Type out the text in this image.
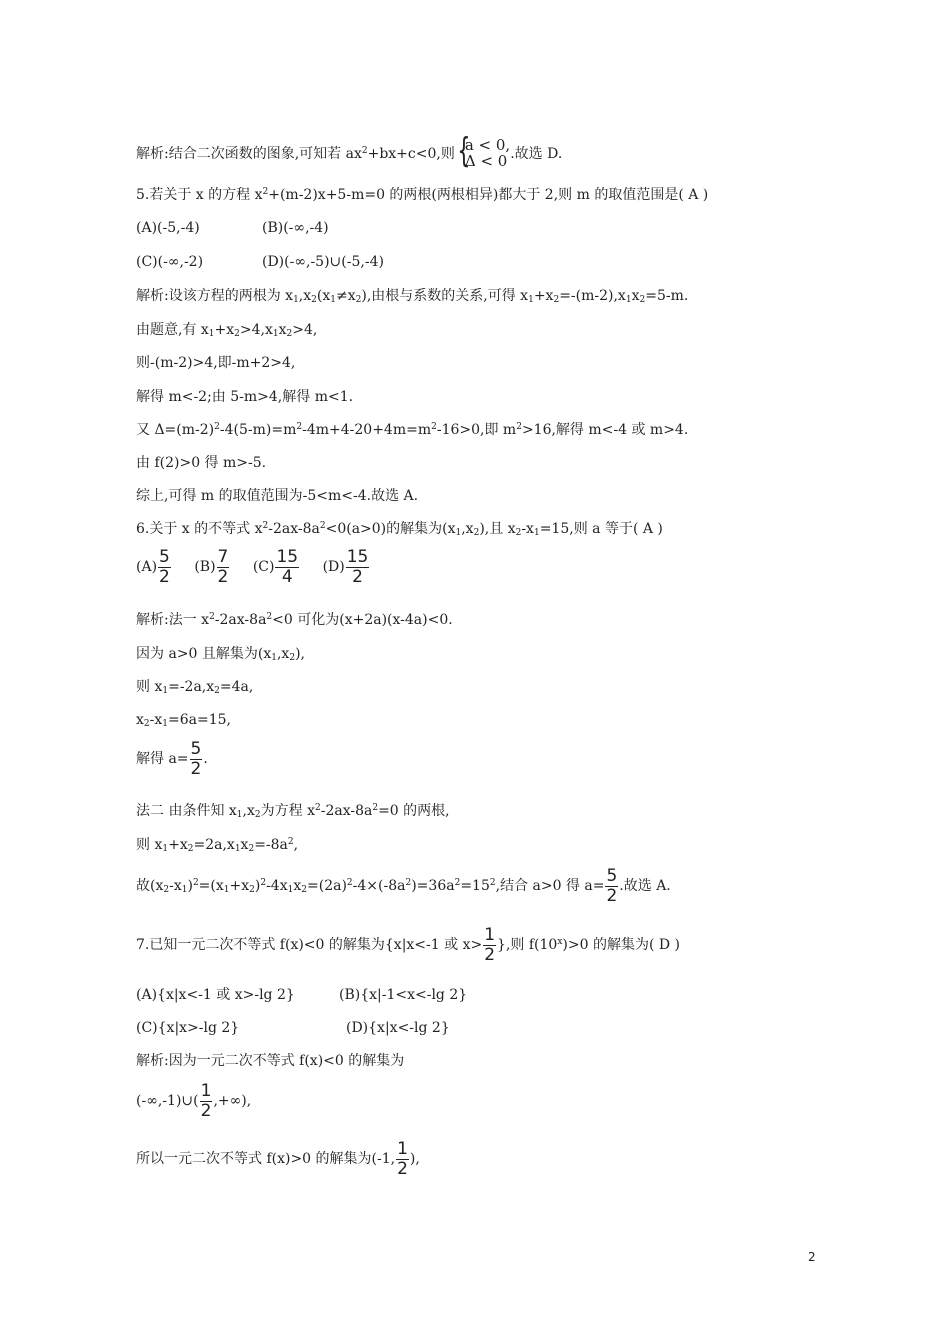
解析:结合二次函数的图象,可知若 $ax^2+bx+c<0$,则 {
a < 0,
Δ < 0 .故选 D.
5.若关于 x 的方程 $x^2+(m-2)x+5-m=0$ 的两根(两根相异)都大于 2,则 m 的取值范围是( A )
(A)(-5,-4)	(B)(-∞,-4)
(C)(-∞,-2)	(D)(-∞,-5)∪(-5,-4)
解析:设该方程的两根为 $x_1,x_2(x_1\ne x_2)$,由根与系数的关系,可得 $x_1+x_2=-(m-2),x_1x_2=5-m$.
由题意,有 $x_1+x_2>4,x_1x_2>4$,
则-(m-2)>4,即-m+2>4,
解得 m<-2;由 5-m>4,解得 m<1.
又 $\Delta=(m-2)^2-4(5-m)=m^2-4m+4-20+4m=m^2-16>0$,即 $m^2>16$,解得 m<-4 或 m>4.
由 f(2)>0 得 m>-5.
综上,可得 m 的取值范围为-5<m<-4.故选 A.
6.关于 x 的不等式 $x^2-2ax-8a^2<0(a>0)$的解集为$(x_1,x_2)$,且 $x_2-x_1=15$,则 a 等于( A )
$(A) \frac{5}{2} (B) \frac{7}{2} (C) \frac{15}{4} (D) \frac{15}{2}$
解析:法一 $x^2-2ax-8a^2<0$ 可化为(x+2a)(x-4a)<0.
因为 a>0 且解集为$(x_1,x_2)$,
则 $x_1=-2a,x_2=4a$,
$x_2-x_1=6a=15$,
解得 $a= \frac{5}{2}$ .
法二 由条件知 $x_1,x_2$为方程 $x^2-2ax-8a^2=0$ 的两根,
则 $x_1+x_2=2a,x_1x_2=-8a^2$,
故$(x_2-x_1)^2=(x_1+x_2)^2-4x_1x_2=(2a)^2-4\times(-8a^2)=36a^2=15^2$,结合 a>0 得 $a= \frac{5}{2}$ .故选 A.
7.已知一元二次不等式 f(x)<0 的解集为{x|x<-1 或 $x> \frac{1}{2}$ },则 $f(10^x)>0$ 的解集为( D )
(A){x|x<-1 或 x>-lg 2}	(B){x|-1<x<-lg 2}
(C){x|x>-lg 2}	(D){x|x<-lg 2}
解析:因为一元二次不等式 f(x)<0 的解集为
(-∞,-1)∪( $\frac{1}{2}$ ,+∞),
所以一元二次不等式 f(x)>0 的解集为(-1, $\frac{1}{2}$ ),
2
